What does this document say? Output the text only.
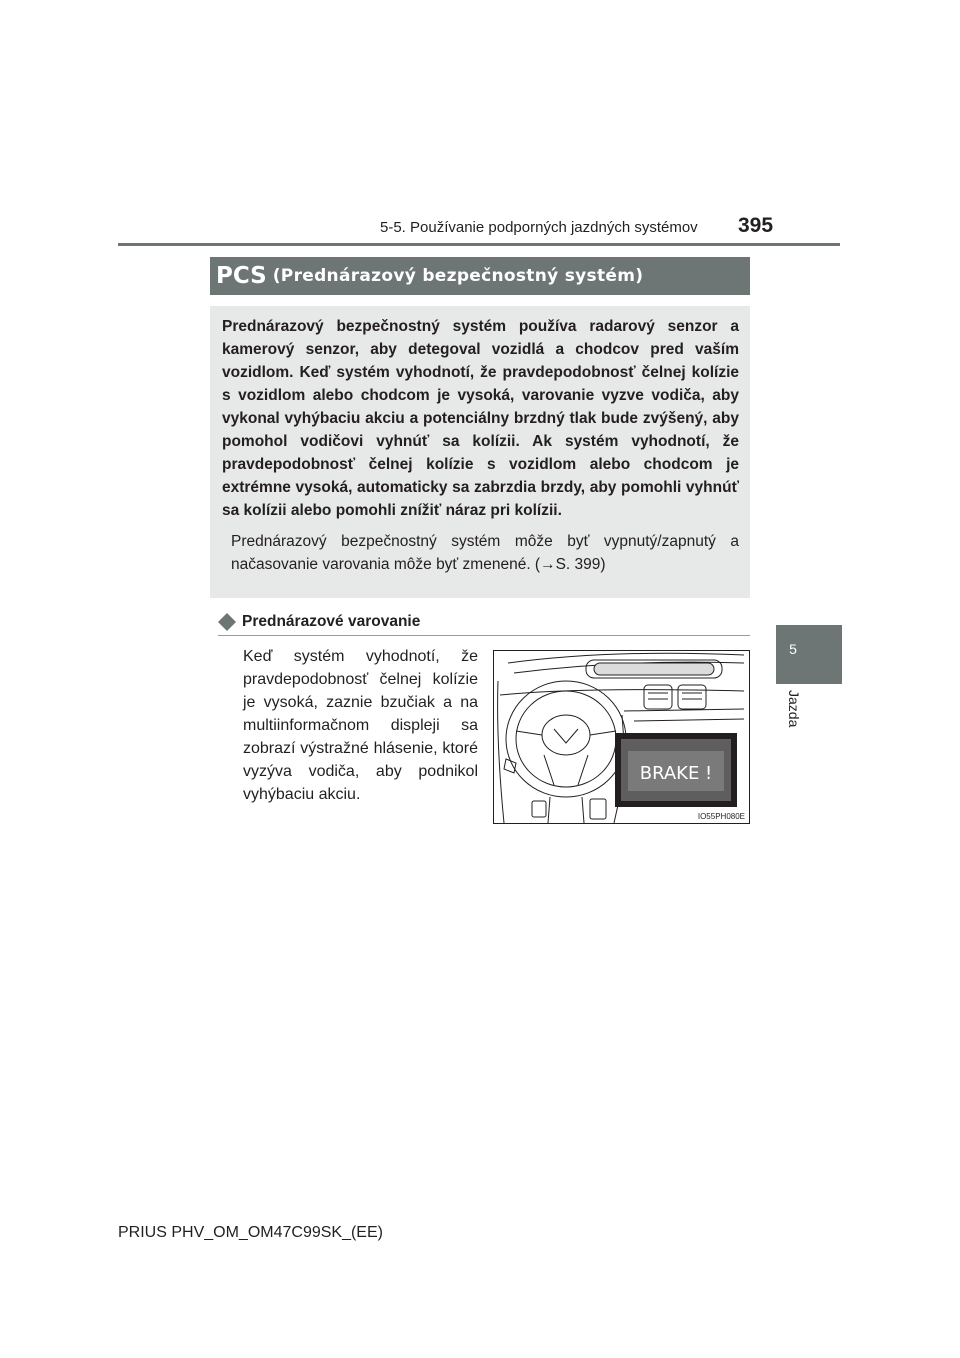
5-5. Používanie podporných jazdných systémov 395
5
Jazda
PCS (Prednárazový bezpečnostný systém)

Prednárazový bezpečnostný systém používa radarový senzor a kamerový senzor, aby detegoval vozidlá a chodcov pred vaším vozidlom. Keď systém vyhodnotí, že pravdepodobnosť čelnej kolízie s vozidlom alebo chodcom je vysoká, varovanie vyzve vodiča, aby vykonal vyhýbaciu akciu a potenciálny brzdný tlak bude zvýšený, aby pomohol vodičovi vyhnúť sa kolízii. Ak systém vyhodnotí, že pravdepodobnosť čelnej kolízie s vozidlom alebo chodcom je extrémne vysoká, automaticky sa zabrzdia brzdy, aby pomohli vyhnúť sa kolízii alebo pomohli znížiť náraz pri kolízii.

Prednárazový bezpečnostný systém môže byť vypnutý/zapnutý a načasovanie varovania môže byť zmenené. (→S. 399)

Prednárazové varovanie

Keď systém vyhodnotí, že pravdepodobnosť čelnej kolízie je vysoká, zaznie bzučiak a na multiinformačnom displeji sa zobrazí výstražné hlásenie, ktoré vyzýva vodiča, aby podnikol vyhýbaciu akciu.

BRAKE !
IO55PH080E
PRIUS PHV_OM_OM47C99SK_(EE)
